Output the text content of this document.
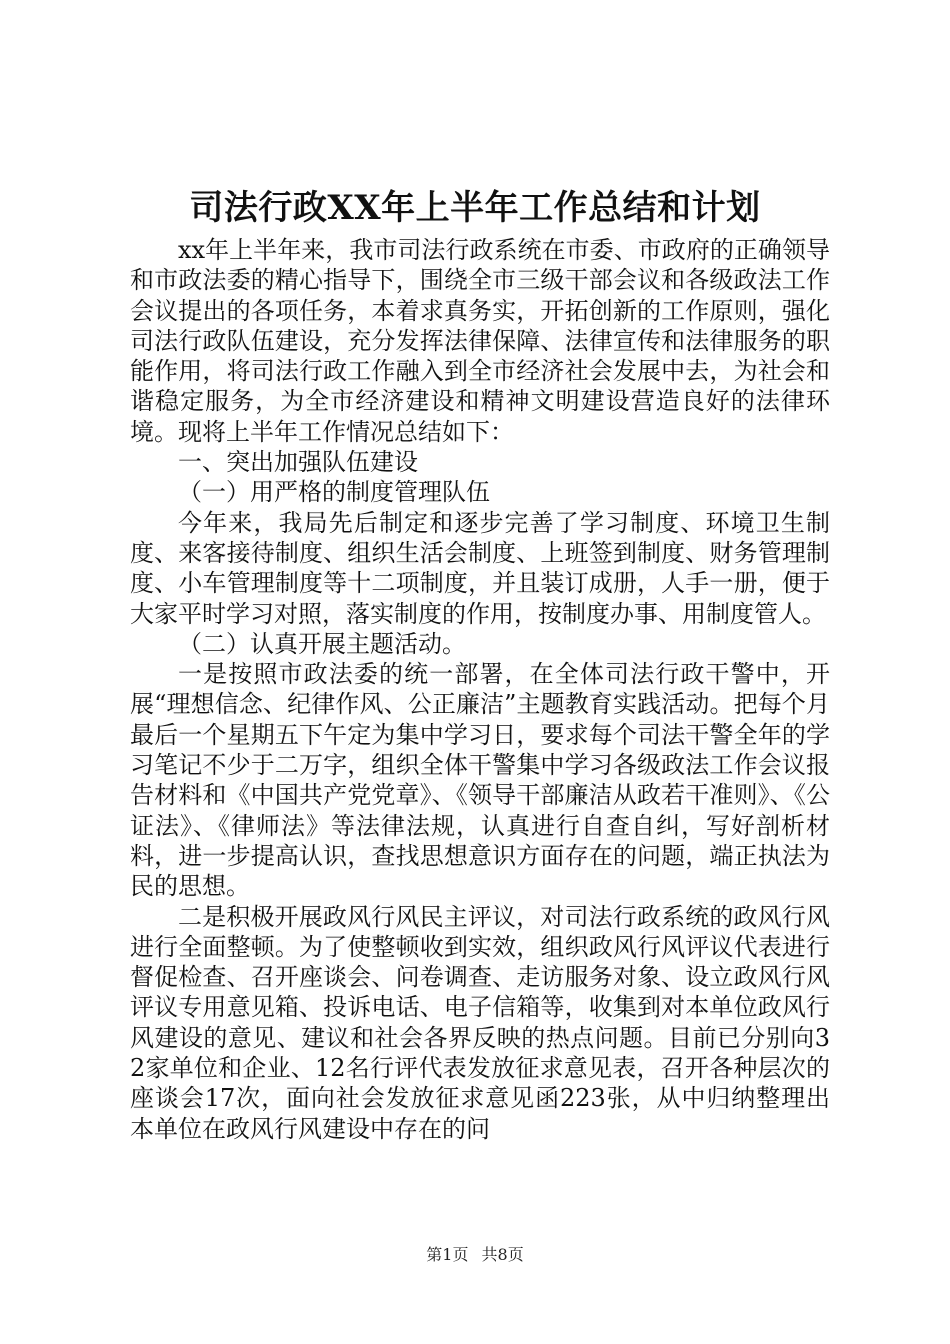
司法行政XX年上半年工作总结和计划

xx年上半年来，我市司法行政系统在市委、市政府的正确领导和市政法委的精心指导下，围绕全市三级干部会议和各级政法工作会议提出的各项任务，本着求真务实，开拓创新的工作原则，强化司法行政队伍建设，充分发挥法律保障、法律宣传和法律服务的职能作用，将司法行政工作融入到全市经济社会发展中去，为社会和谐稳定服务，为全市经济建设和精神文明建设营造良好的法律环境。现将上半年工作情况总结如下：

一、突出加强队伍建设

（一）用严格的制度管理队伍

今年来，我局先后制定和逐步完善了学习制度、环境卫生制度、来客接待制度、组织生活会制度、上班签到制度、财务管理制度、小车管理制度等十二项制度，并且装订成册，人手一册，便于大家平时学习对照，落实制度的作用，按制度办事、用制度管人。

（二）认真开展主题活动。

一是按照市政法委的统一部署，在全体司法行政干警中，开展“理想信念、纪律作风、公正廉洁”主题教育实践活动。把每个月最后一个星期五下午定为集中学习日，要求每个司法干警全年的学习笔记不少于二万字，组织全体干警集中学习各级政法工作会议报告材料和《中国共产党党章》、《领导干部廉洁从政若干准则》、《公证法》、《律师法》等法律法规，认真进行自查自纠，写好剖析材料，进一步提高认识，查找思想意识方面存在的问题，端正执法为民的思想。

二是积极开展政风行风民主评议，对司法行政系统的政风行风进行全面整顿。为了使整顿收到实效，组织政风行风评议代表进行督促检查、召开座谈会、问卷调查、走访服务对象、设立政风行风评议专用意见箱、投诉电话、电子信箱等，收集到对本单位政风行风建设的意见、建议和社会各界反映的热点问题。目前已分别向32家单位和企业、12名行评代表发放征求意见表，召开各种层次的座谈会17次，面向社会发放征求意见函223张，从中归纳整理出本单位在政风行风建设中存在的问

第1页 共8页
